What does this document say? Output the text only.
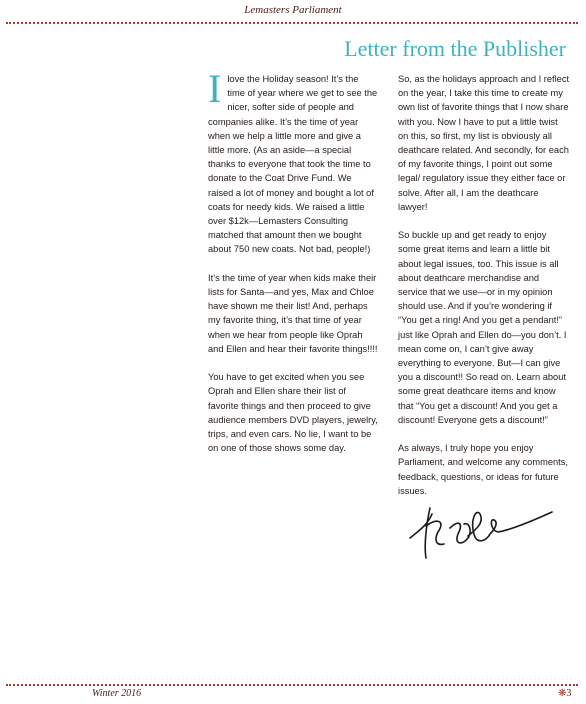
Lemasters Parliament
Letter from the Publisher

Ilove the Holiday season! It’s the time of year where we get to see the nicer, softer side of people and companies alike. It’s the time of year when we help a little more and give a little more. (As an aside—a special thanks to everyone that took the time to donate to the Coat Drive Fund. We raised a lot of money and bought a lot of coats for needy kids. We raised a little over $12k—Lemasters Consulting matched that amount then we bought about 750 new coats. Not bad, people!)

It’s the time of year when kids make their lists for Santa—and yes, Max and Chloe have shown me their list! And, perhaps my favorite thing, it’s that time of year when we hear from people like Oprah and Ellen and hear their favorite things!!!!

You have to get excited when you see Oprah and Ellen share their list of favorite things and then proceed to give audience members DVD players, jewelry, trips, and even cars. No lie, I want to be on one of those shows some day.

So, as the holidays approach and I reflect on the year, I take this time to create my own list of favorite things that I now share with you. Now I have to put a little twist on this, so first, my list is obviously all deathcare related. And secondly, for each of my favorite things, I point out some legal/ regulatory issue they either face or solve. After all, I am the deathcare lawyer!

So buckle up and get ready to enjoy some great items and learn a little bit about legal issues, too. This issue is all about deathcare merchandise and service that we use—or in my opinion should use. And if you’re wondering if “You get a ring! And you get a pendant!” just like Oprah and Ellen do—you don’t. I mean come on, I can’t give away everything to everyone. But—I can give you a discount!! So read on. Learn about some great deathcare items and know that “You get a discount! And you get a discount! Everyone gets a discount!”

As always, I truly hope you enjoy Parliament, and welcome any comments, feedback, questions, or ideas for future issues.

Winter 2016	❋3
